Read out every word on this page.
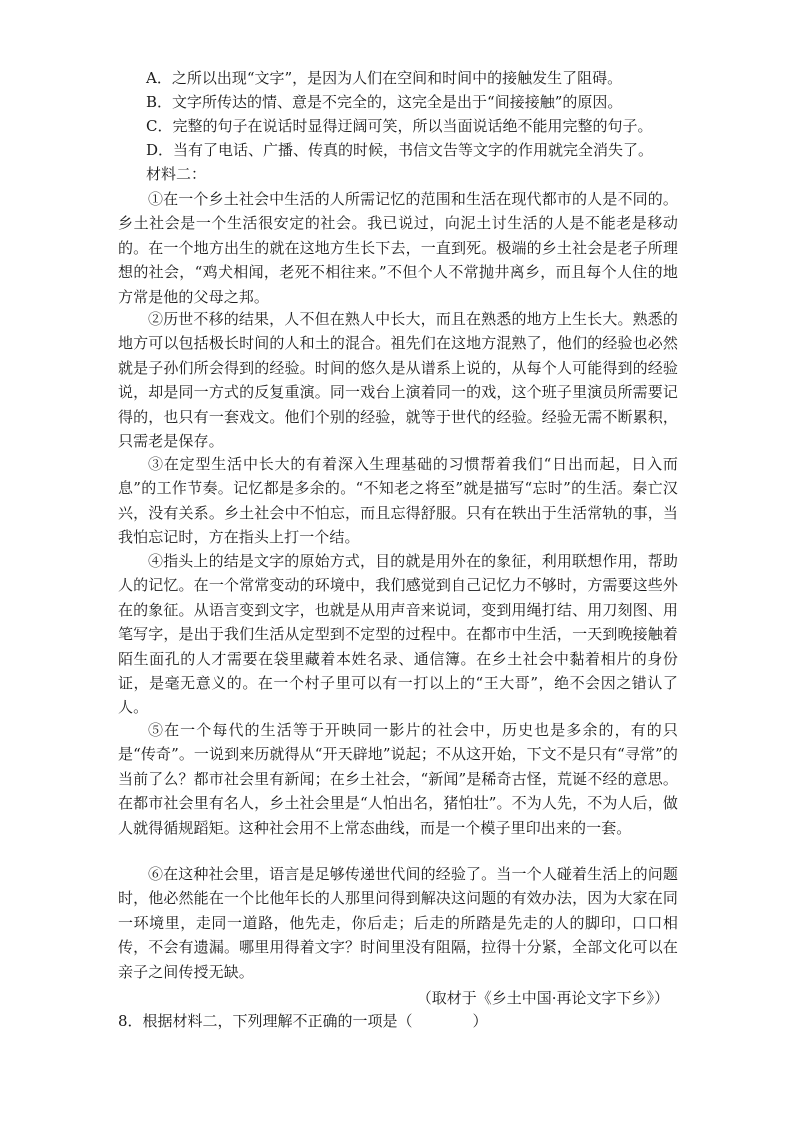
A．之所以出现“文字”，是因为人们在空间和时间中的接触发生了阻碍。
B．文字所传达的情、意是不完全的，这完全是出于“间接接触”的原因。
C．完整的句子在说话时显得迂阔可笑，所以当面说话绝不能用完整的句子。
D．当有了电话、广播、传真的时候，书信文告等文字的作用就完全消失了。
材料二：

①在一个乡土社会中生活的人所需记忆的范围和生活在现代都市的人是不同的。乡土社会是一个生活很安定的社会。我已说过，向泥土讨生活的人是不能老是移动的。在一个地方出生的就在这地方生长下去，一直到死。极端的乡土社会是老子所理想的社会，“鸡犬相闻，老死不相往来。”不但个人不常抛井离乡，而且每个人住的地方常是他的父母之邦。

②历世不移的结果，人不但在熟人中长大，而且在熟悉的地方上生长大。熟悉的地方可以包括极长时间的人和土的混合。祖先们在这地方混熟了，他们的经验也必然就是子孙们所会得到的经验。时间的悠久是从谱系上说的，从每个人可能得到的经验说，却是同一方式的反复重演。同一戏台上演着同一的戏，这个班子里演员所需要记得的，也只有一套戏文。他们个别的经验，就等于世代的经验。经验无需不断累积，只需老是保存。

③在定型生活中长大的有着深入生理基础的习惯帮着我们“日出而起，日入而息”的工作节奏。记忆都是多余的。“不知老之将至”就是描写“忘时”的生活。秦亡汉兴，没有关系。乡土社会中不怕忘，而且忘得舒服。只有在轶出于生活常轨的事，当我怕忘记时，方在指头上打一个结。

④指头上的结是文字的原始方式，目的就是用外在的象征，利用联想作用，帮助人的记忆。在一个常常变动的环境中，我们感觉到自己记忆力不够时，方需要这些外在的象征。从语言变到文字，也就是从用声音来说词，变到用绳打结、用刀刻图、用笔写字，是出于我们生活从定型到不定型的过程中。在都市中生活，一天到晚接触着陌生面孔的人才需要在袋里藏着本姓名录、通信簿。在乡土社会中黏着相片的身份证，是毫无意义的。在一个村子里可以有一打以上的“王大哥”，绝不会因之错认了人。

⑤在一个每代的生活等于开映同一影片的社会中，历史也是多余的，有的只是“传奇”。一说到来历就得从“开天辟地”说起；不从这开始，下文不是只有“寻常”的当前了么？都市社会里有新闻；在乡土社会，“新闻”是稀奇古怪，荒诞不经的意思。在都市社会里有名人，乡土社会里是“人怕出名，猪怕壮”。不为人先，不为人后，做人就得循规蹈矩。这种社会用不上常态曲线，而是一个模子里印出来的一套。

⑥在这种社会里，语言是足够传递世代间的经验了。当一个人碰着生活上的问题时，他必然能在一个比他年长的人那里问得到解决这问题的有效办法，因为大家在同一环境里，走同一道路，他先走，你后走；后走的所踏是先走的人的脚印，口口相传，不会有遗漏。哪里用得着文字？时间里没有阻隔，拉得十分紧，全部文化可以在亲子之间传授无缺。

（取材于《乡土中国·再论文字下乡》）
8．根据材料二，下列理解不正确的一项是（　　　　）
